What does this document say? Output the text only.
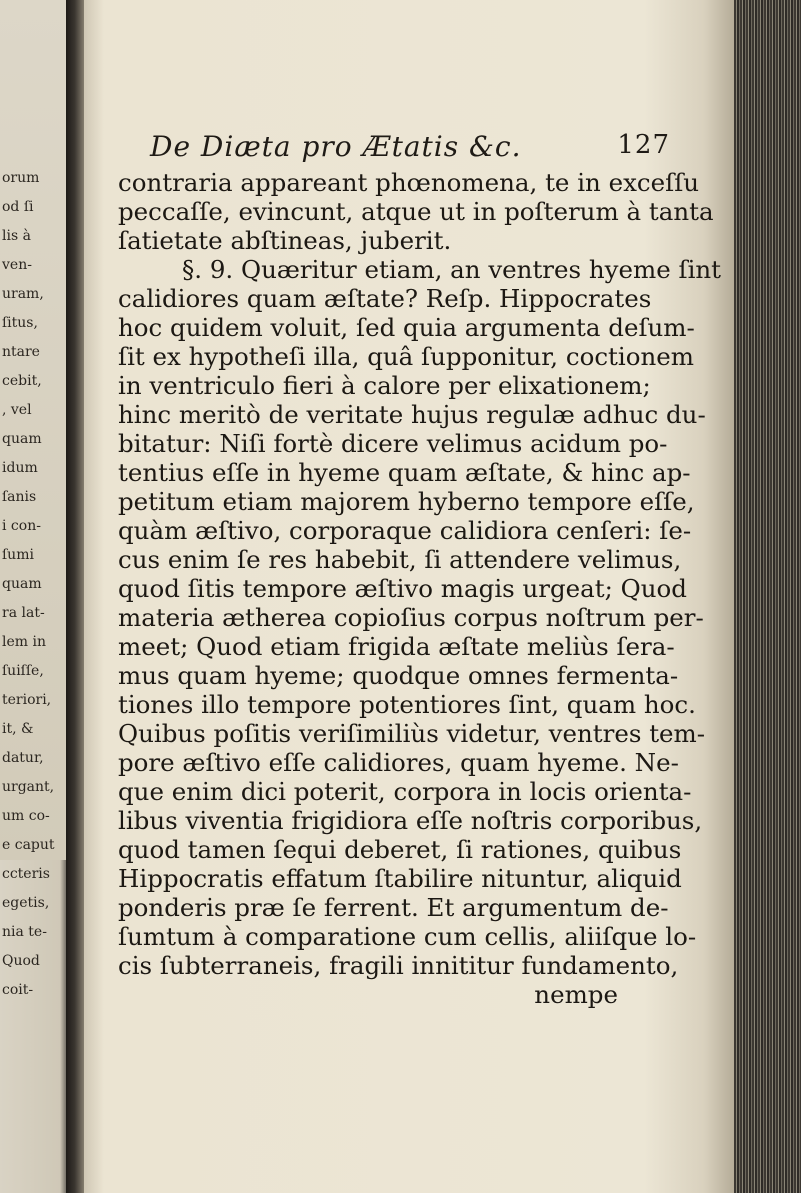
orum
od ſi
lis à
ven-
uram,
ſitus,
ntare
cebit,
, vel
quam
idum
ſanis
i con-
ſumi
quam
ra lat-
lem in
ſuiſſe,
teriori,
it, &
datur,
urgant,
um co-
e caput
ccteris
egetis,
nia te-
Quod
coit-
De Diæta pro Ætatis &c.	127
contraria appareant phœnomena, te in exceſſu
peccaſſe, evincunt, atque ut in poſterum à tanta
ſatietate abſtineas, juberit.
§. 9. Quæritur etiam, an ventres hyeme ſint
calidiores quam æſtate? Reſp. Hippocrates
hoc quidem voluit, ſed quia argumenta deſum-
ſit ex hypotheſi illa, quâ ſupponitur, coctionem
in ventriculo fieri à calore per elixationem;
hinc meritò de veritate hujus regulæ adhuc du-
bitatur: Niſi fortè dicere velimus acidum po-
tentius eſſe in hyeme quam æſtate, & hinc ap-
petitum etiam majorem hyberno tempore eſſe,
quàm æſtivo, corporaque calidiora cenſeri: ſe-
cus enim ſe res habebit, ſi attendere velimus,
quod ſitis tempore æſtivo magis urgeat; Quod
materia ætherea copioſius corpus noſtrum per-
meet; Quod etiam frigida æſtate meliùs ſera-
mus quam hyeme; quodque omnes fermenta-
tiones illo tempore potentiores ſint, quam hoc.
Quibus poſitis veriſimiliùs videtur, ventres tem-
pore æſtivo eſſe calidiores, quam hyeme. Ne-
que enim dici poterit, corpora in locis orienta-
libus viventia frigidiora eſſe noſtris corporibus,
quod tamen ſequi deberet, ſi rationes, quibus
Hippocratis effatum ſtabilire nituntur, aliquid
ponderis præ ſe ferrent. Et argumentum de-
ſumtum à comparatione cum cellis, aliiſque lo-
cis ſubterraneis, fragili innititur fundamento,
nempe
